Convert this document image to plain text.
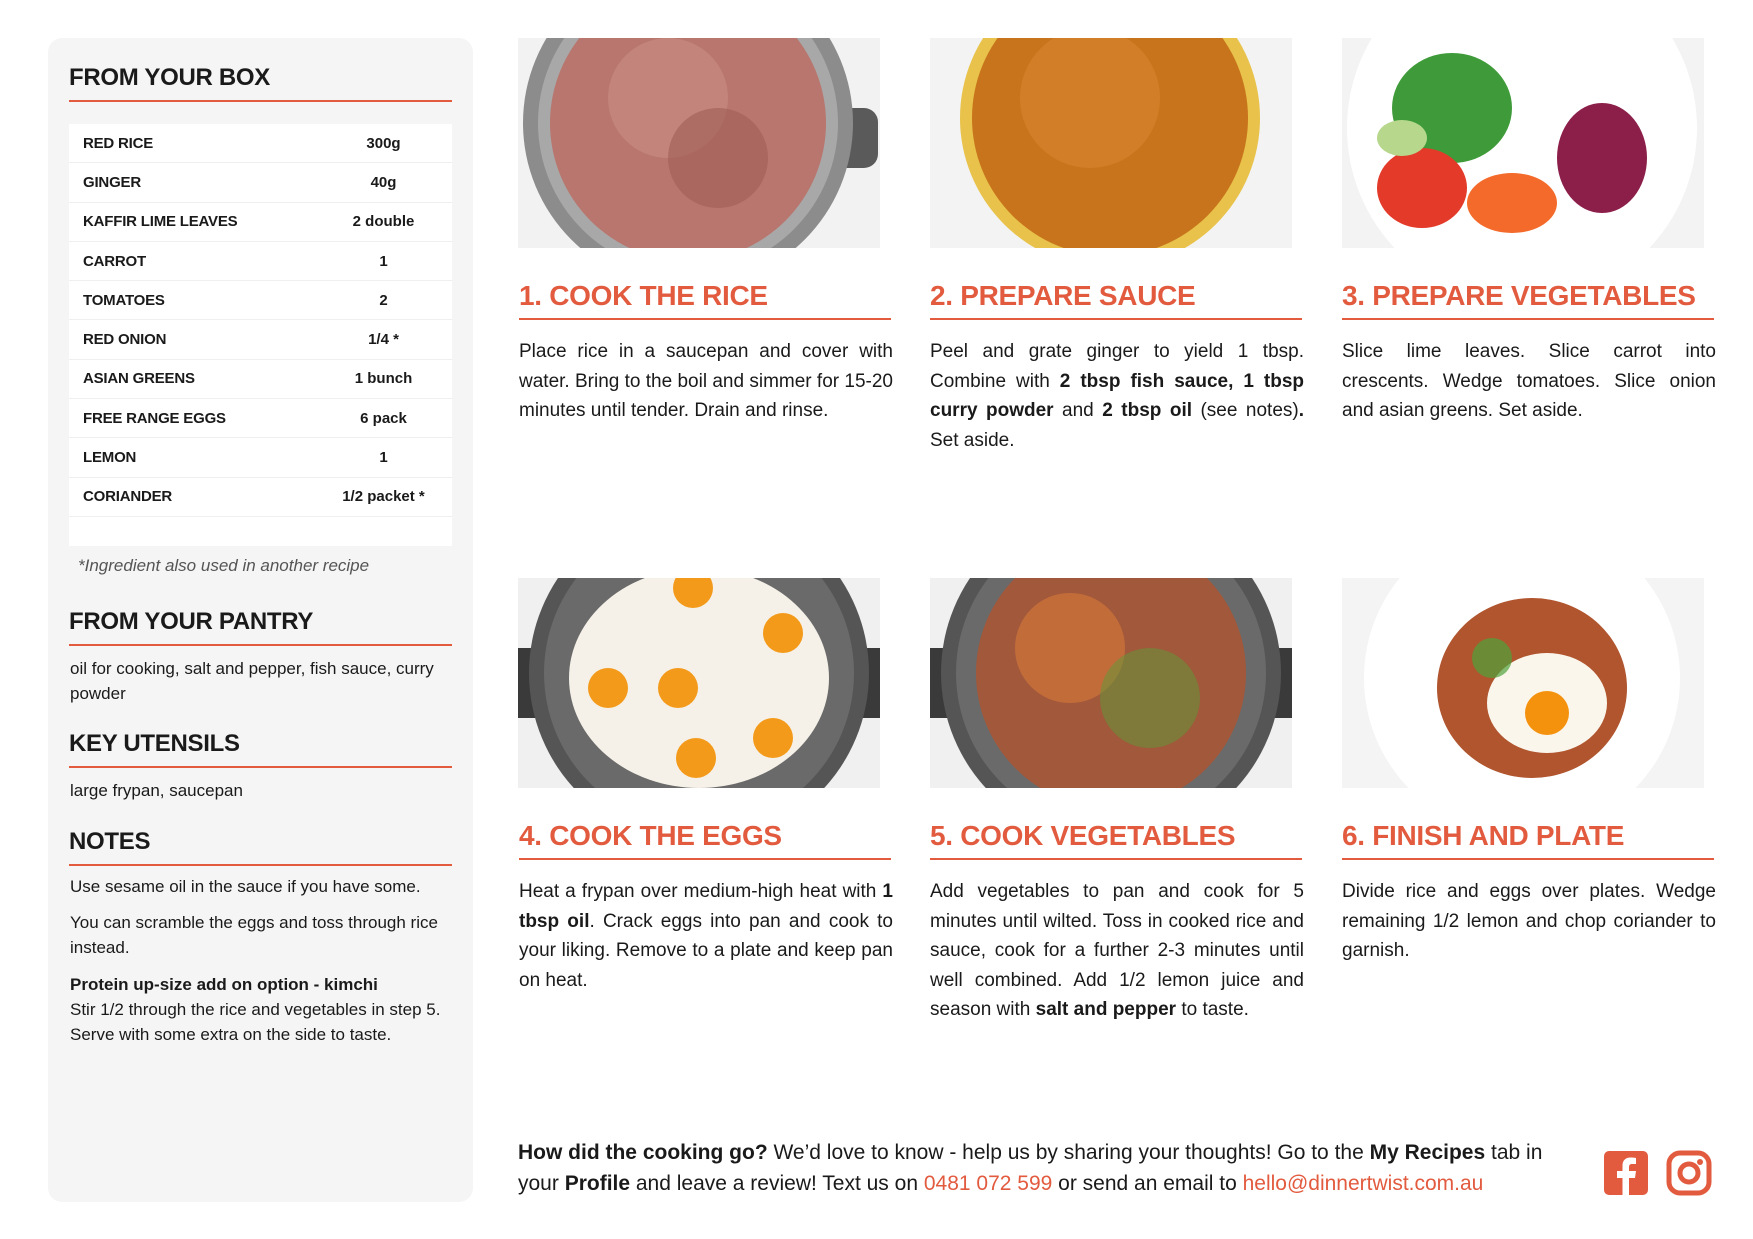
FROM YOUR BOX
RED RICE	300g
GINGER	40g
KAFFIR LIME LEAVES	2 double
CARROT	1
TOMATOES	2
RED ONION	1/4 *
ASIAN GREENS	1 bunch
FREE RANGE EGGS	6 pack
LEMON	1
CORIANDER	1/2 packet *
*Ingredient also used in another recipe
FROM YOUR PANTRY
oil for cooking, salt and pepper, fish sauce, curry powder
KEY UTENSILS
large frypan, saucepan
NOTES
Use sesame oil in the sauce if you have some.
You can scramble the eggs and toss through rice instead.
Protein up-size add on option - kimchi
Stir 1/2 through the rice and vegetables in step 5. Serve with some extra on the side to taste.
1. COOK THE RICE	2. PREPARE SAUCE	3. PREPARE VEGETABLES
4. COOK THE EGGS	5. COOK VEGETABLES	6. FINISH AND PLATE
Place rice in a saucepan and cover with water. Bring to the boil and simmer for 15-20 minutes until tender. Drain and rinse.
Peel and grate ginger to yield 1 tbsp. Combine with 2 tbsp fish sauce, 1 tbsp curry powder and 2 tbsp oil (see notes). Set aside.
Slice lime leaves. Slice carrot into crescents. Wedge tomatoes. Slice onion and asian greens. Set aside.
Heat a frypan over medium-high heat with 1 tbsp oil. Crack eggs into pan and cook to your liking. Remove to a plate and keep pan on heat.
Add vegetables to pan and cook for 5 minutes until wilted. Toss in cooked rice and sauce, cook for a further 2-3 minutes until well combined. Add 1/2 lemon juice and season with salt and pepper to taste.
Divide rice and eggs over plates. Wedge remaining 1/2 lemon and chop coriander to garnish.
How did the cooking go? We’d love to know - help us by sharing your thoughts! Go to the My Recipes tab in your Profile and leave a review! Text us on 0481 072 599 or send an email to hello@dinnertwist.com.au
